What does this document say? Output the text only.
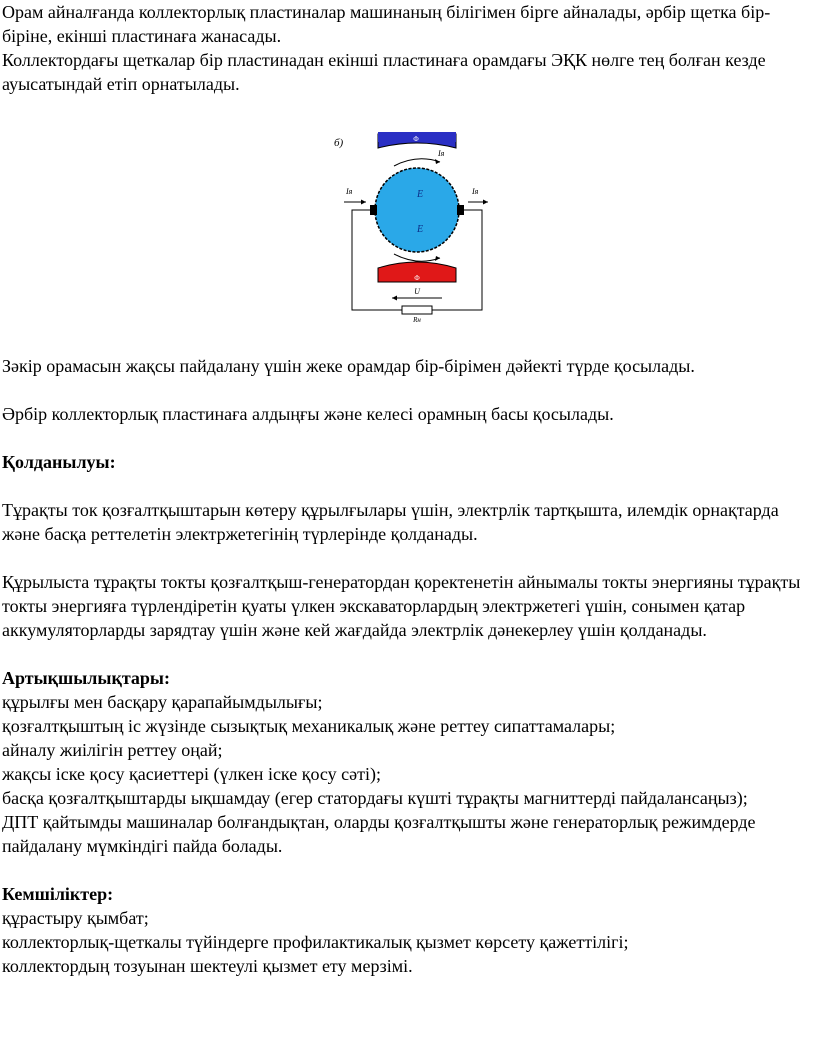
Орам айналғанда коллекторлық пластиналар машинаның білігімен бірге айналады, әрбір щетка бір-біріне, екінші пластинаға жанасады.

Коллектордағы щеткалар бір пластинадан екінші пластинаға орамдағы ЭҚК нөлге тең болған кезде ауысатындай етіп орнатылады.

б)	Ф
E
E
Iя
Ф
Iя	Iя
Rн
U

Зәкір орамасын жақсы пайдалану үшін жеке орамдар бір-бірімен дәйекті түрде қосылады.

Әрбір коллекторлық пластинаға алдыңғы және келесі орамның басы қосылады.

Қолданылуы:

Тұрақты ток қозғалтқыштарын көтеру құрылғылары үшін, электрлік тартқышта, илемдік орнақтарда және басқа реттелетін электржетегінің түрлерінде қолданады.

Құрылыста тұрақты токты қозғалтқыш-генератордан қоректенетін айнымалы токты энергияны тұрақты токты энергияға түрлендіретін қуаты үлкен экскаваторлардың электржетегі үшін, сонымен қатар аккумуляторларды зарядтау үшін және кей жағдайда электрлік дәнекерлеу үшін қолданады.

Артықшылықтары:

құрылғы мен басқару қарапайымдылығы;

қозғалтқыштың іс жүзінде сызықтық механикалық және реттеу сипаттамалары;

айналу жиілігін реттеу оңай;

жақсы іске қосу қасиеттері (үлкен іске қосу сәті);

басқа қозғалтқыштарды ықшамдау (егер статордағы күшті тұрақты магниттерді пайдалансаңыз);

ДПТ қайтымды машиналар болғандықтан, оларды қозғалтқышты және генераторлық режимдерде пайдалану мүмкіндігі пайда болады.

Кемшіліктер:

құрастыру қымбат;

коллекторлық-щеткалы түйіндерге профилактикалық қызмет көрсету қажеттілігі;

коллектордың тозуынан шектеулі қызмет ету мерзімі.
